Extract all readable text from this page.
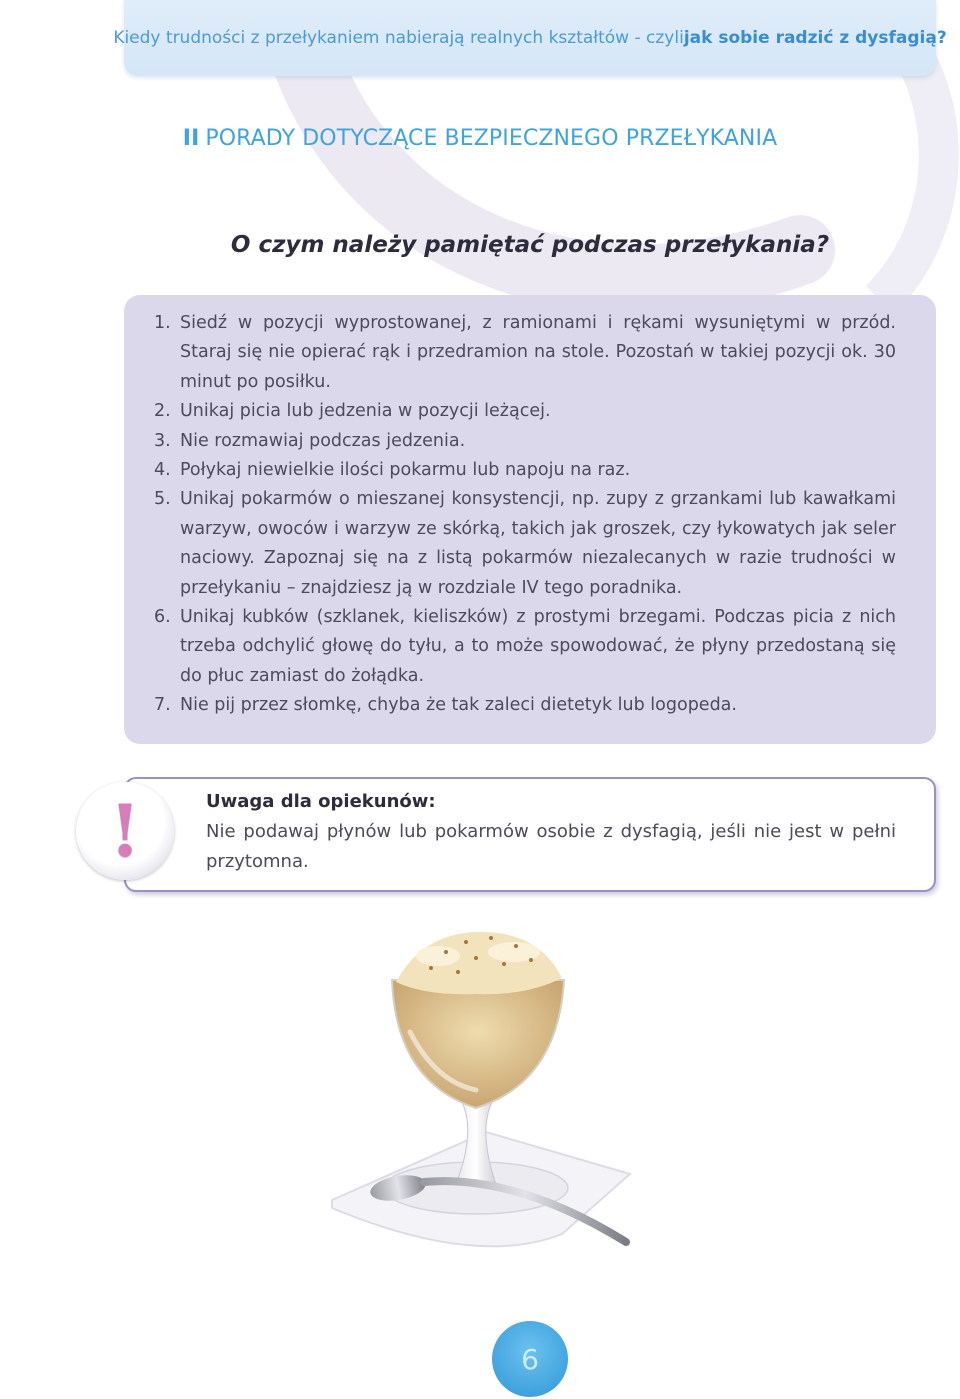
Kiedy trudności z przełykaniem nabierają realnych kształtów - czyli jak sobie radzić z dysfagią?
II PORADY DOTYCZĄCE BEZPIECZNEGO PRZEŁYKANIA
O czym należy pamiętać podczas przełykania?
1. Siedź w pozycji wyprostowanej, z ramionami i rękami wysuniętymi w przód. Staraj się nie opierać rąk i przedramion na stole. Pozostań w takiej pozycji ok. 30 minut po posiłku.
2. Unikaj picia lub jedzenia w pozycji leżącej.
3. Nie rozmawiaj podczas jedzenia.
4. Połykaj niewielkie ilości pokarmu lub napoju na raz.
5. Unikaj pokarmów o mieszanej konsystencji, np. zupy z grzankami lub kawałkami warzyw, owoców i warzyw ze skórką, takich jak groszek, czy łykowatych jak seler naciowy. Zapoznaj się na z listą pokarmów niezalecanych w razie trudności w przełykaniu – znajdziesz ją w rozdziale IV tego poradnika.
6. Unikaj kubków (szklanek, kieliszków) z prostymi brzegami. Podczas picia z nich trzeba odchylić głowę do tyłu, a to może spowodować, że płyny przedostaną się do płuc zamiast do żołądka.
7. Nie pij przez słomkę, chyba że tak zaleci dietetyk lub logopeda.
!	Uwaga dla opiekunów:
Nie podawaj płynów lub pokarmów osobie z dysfagią, jeśli nie jest w pełni przytomna.
6
